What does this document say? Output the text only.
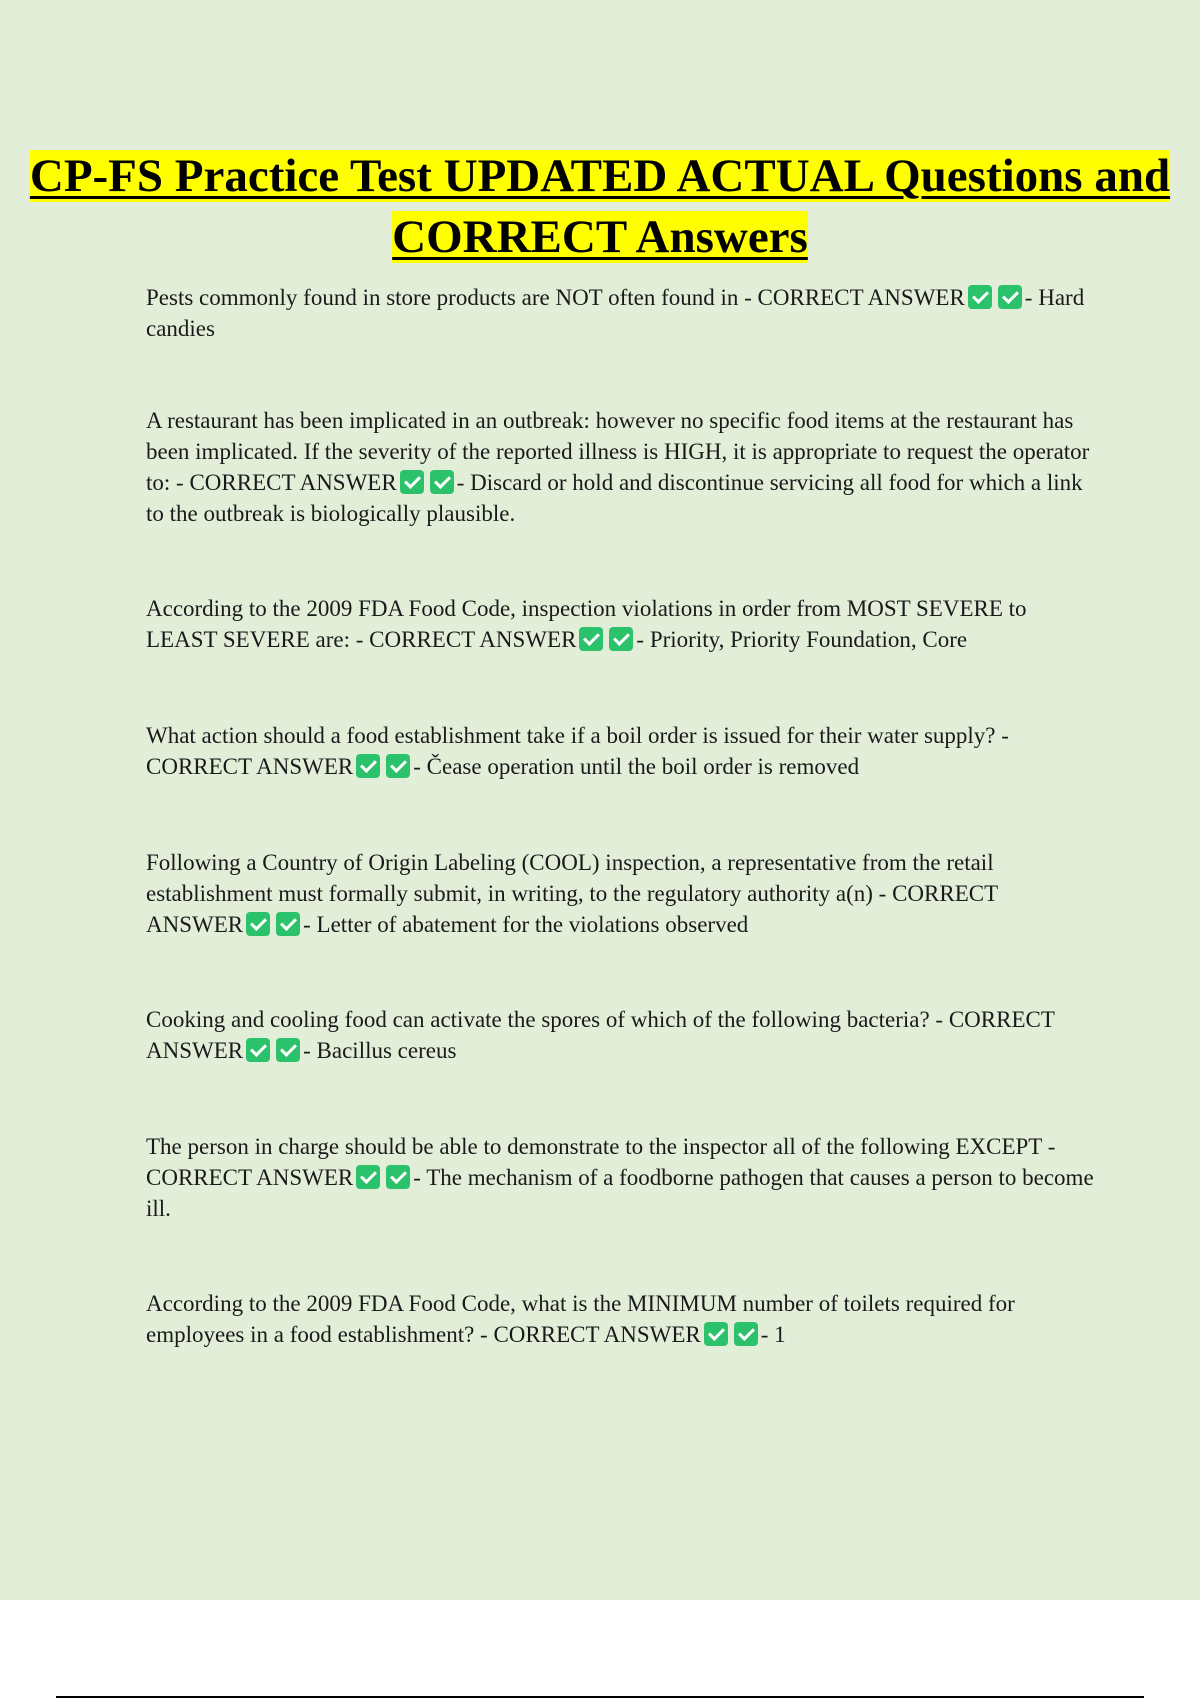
CP-FS Practice Test UPDATED ACTUAL Questions and CORRECT Answers
Pests commonly found in store products are NOT often found in - CORRECT ANSWER	- Hard candies
A restaurant has been implicated in an outbreak: however no specific food items at the restaurant has been implicated. If the severity of the reported illness is HIGH, it is appropriate to request the operator to: - CORRECT ANSWER	- Discard or hold and discontinue servicing all food for which a link to the outbreak is biologically plausible.
According to the 2009 FDA Food Code, inspection violations in order from MOST SEVERE to LEAST SEVERE are: - CORRECT ANSWER	- Priority, Priority Foundation, Core
What action should a food establishment take if a boil order is issued for their water supply? - CORRECT ANSWER	- Čease operation until the boil order is removed
Following a Country of Origin Labeling (COOL) inspection, a representative from the retail establishment must formally submit, in writing, to the regulatory authority a(n) - CORRECT ANSWER	- Letter of abatement for the violations observed
Cooking and cooling food can activate the spores of which of the following bacteria? - CORRECT ANSWER	- Bacillus cereus
The person in charge should be able to demonstrate to the inspector all of the following EXCEPT - CORRECT ANSWER	- The mechanism of a foodborne pathogen that causes a person to become ill.
According to the 2009 FDA Food Code, what is the MINIMUM number of toilets required for employees in a food establishment? - CORRECT ANSWER	- 1
